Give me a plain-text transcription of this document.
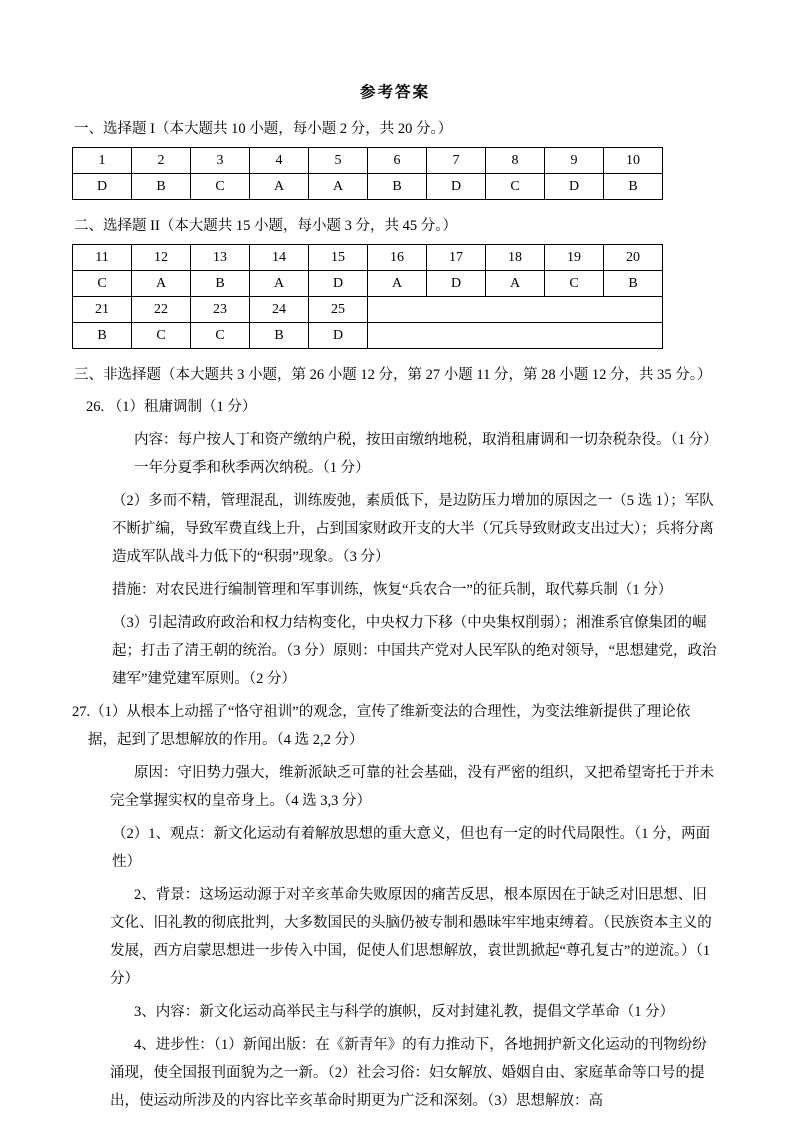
参考答案
一、选择题 I（本大题共 10 小题，每小题 2 分，共 20 分。）
1	2	3	4	5	6	7	8	9	10
D	B	C	A	A	B	D	C	D	B
二、选择题 II（本大题共 15 小题，每小题 3 分，共 45 分。）
11	12	13	14	15	16	17	18	19	20
C	A	B	A	D	A	D	A	C	B
21	22	23	24	25					
B	C	C	B	D					
三、非选择题（本大题共 3 小题，第 26 小题 12 分，第 27 小题 11 分，第 28 小题 12 分，共 35 分。）

26. （1）租庸调制（1 分）

内容：每户按人丁和资产缴纳户税，按田亩缴纳地税，取消租庸调和一切杂税杂役。（1 分）一年分夏季和秋季两次纳税。（1 分）

（2）多而不精，管理混乱，训练废弛，素质低下，是边防压力增加的原因之一（5 选 1）；军队不断扩编，导致军费直线上升，占到国家财政开支的大半（冗兵导致财政支出过大）；兵将分离造成军队战斗力低下的“积弱”现象。（3 分）

措施：对农民进行编制管理和军事训练，恢复“兵农合一”的征兵制，取代募兵制（1 分）

（3）引起清政府政治和权力结构变化，中央权力下移（中央集权削弱）；湘淮系官僚集团的崛起；打击了清王朝的统治。（3 分）原则：中国共产党对人民军队的绝对领导，“思想建党，政治建军”建党建军原则。（2 分）

27.（1）从根本上动摇了“恪守祖训”的观念，宣传了维新变法的合理性，为变法维新提供了理论依据，起到了思想解放的作用。（4 选 2,2 分）

原因：守旧势力强大，维新派缺乏可靠的社会基础，没有严密的组织，又把希望寄托于并未完全掌握实权的皇帝身上。（4 选 3,3 分）

（2）1、观点：新文化运动有着解放思想的重大意义，但也有一定的时代局限性。（1 分，两面性）

2、背景：这场运动源于对辛亥革命失败原因的痛苦反思，根本原因在于缺乏对旧思想、旧文化、旧礼教的彻底批判，大多数国民的头脑仍被专制和愚昧牢牢地束缚着。（民族资本主义的发展，西方启蒙思想进一步传入中国，促使人们思想解放，袁世凯掀起“尊孔复古”的逆流。）（1 分）

3、内容：新文化运动高举民主与科学的旗帜，反对封建礼教，提倡文学革命（1 分）

4、进步性：（1）新闻出版：在《新青年》的有力推动下，各地拥护新文化运动的刊物纷纷涌现，使全国报刊面貌为之一新。（2）社会习俗：妇女解放、婚姻自由、家庭革命等口号的提出，使运动所涉及的内容比辛亥革命时期更为广泛和深刻。（3）思想解放：高
